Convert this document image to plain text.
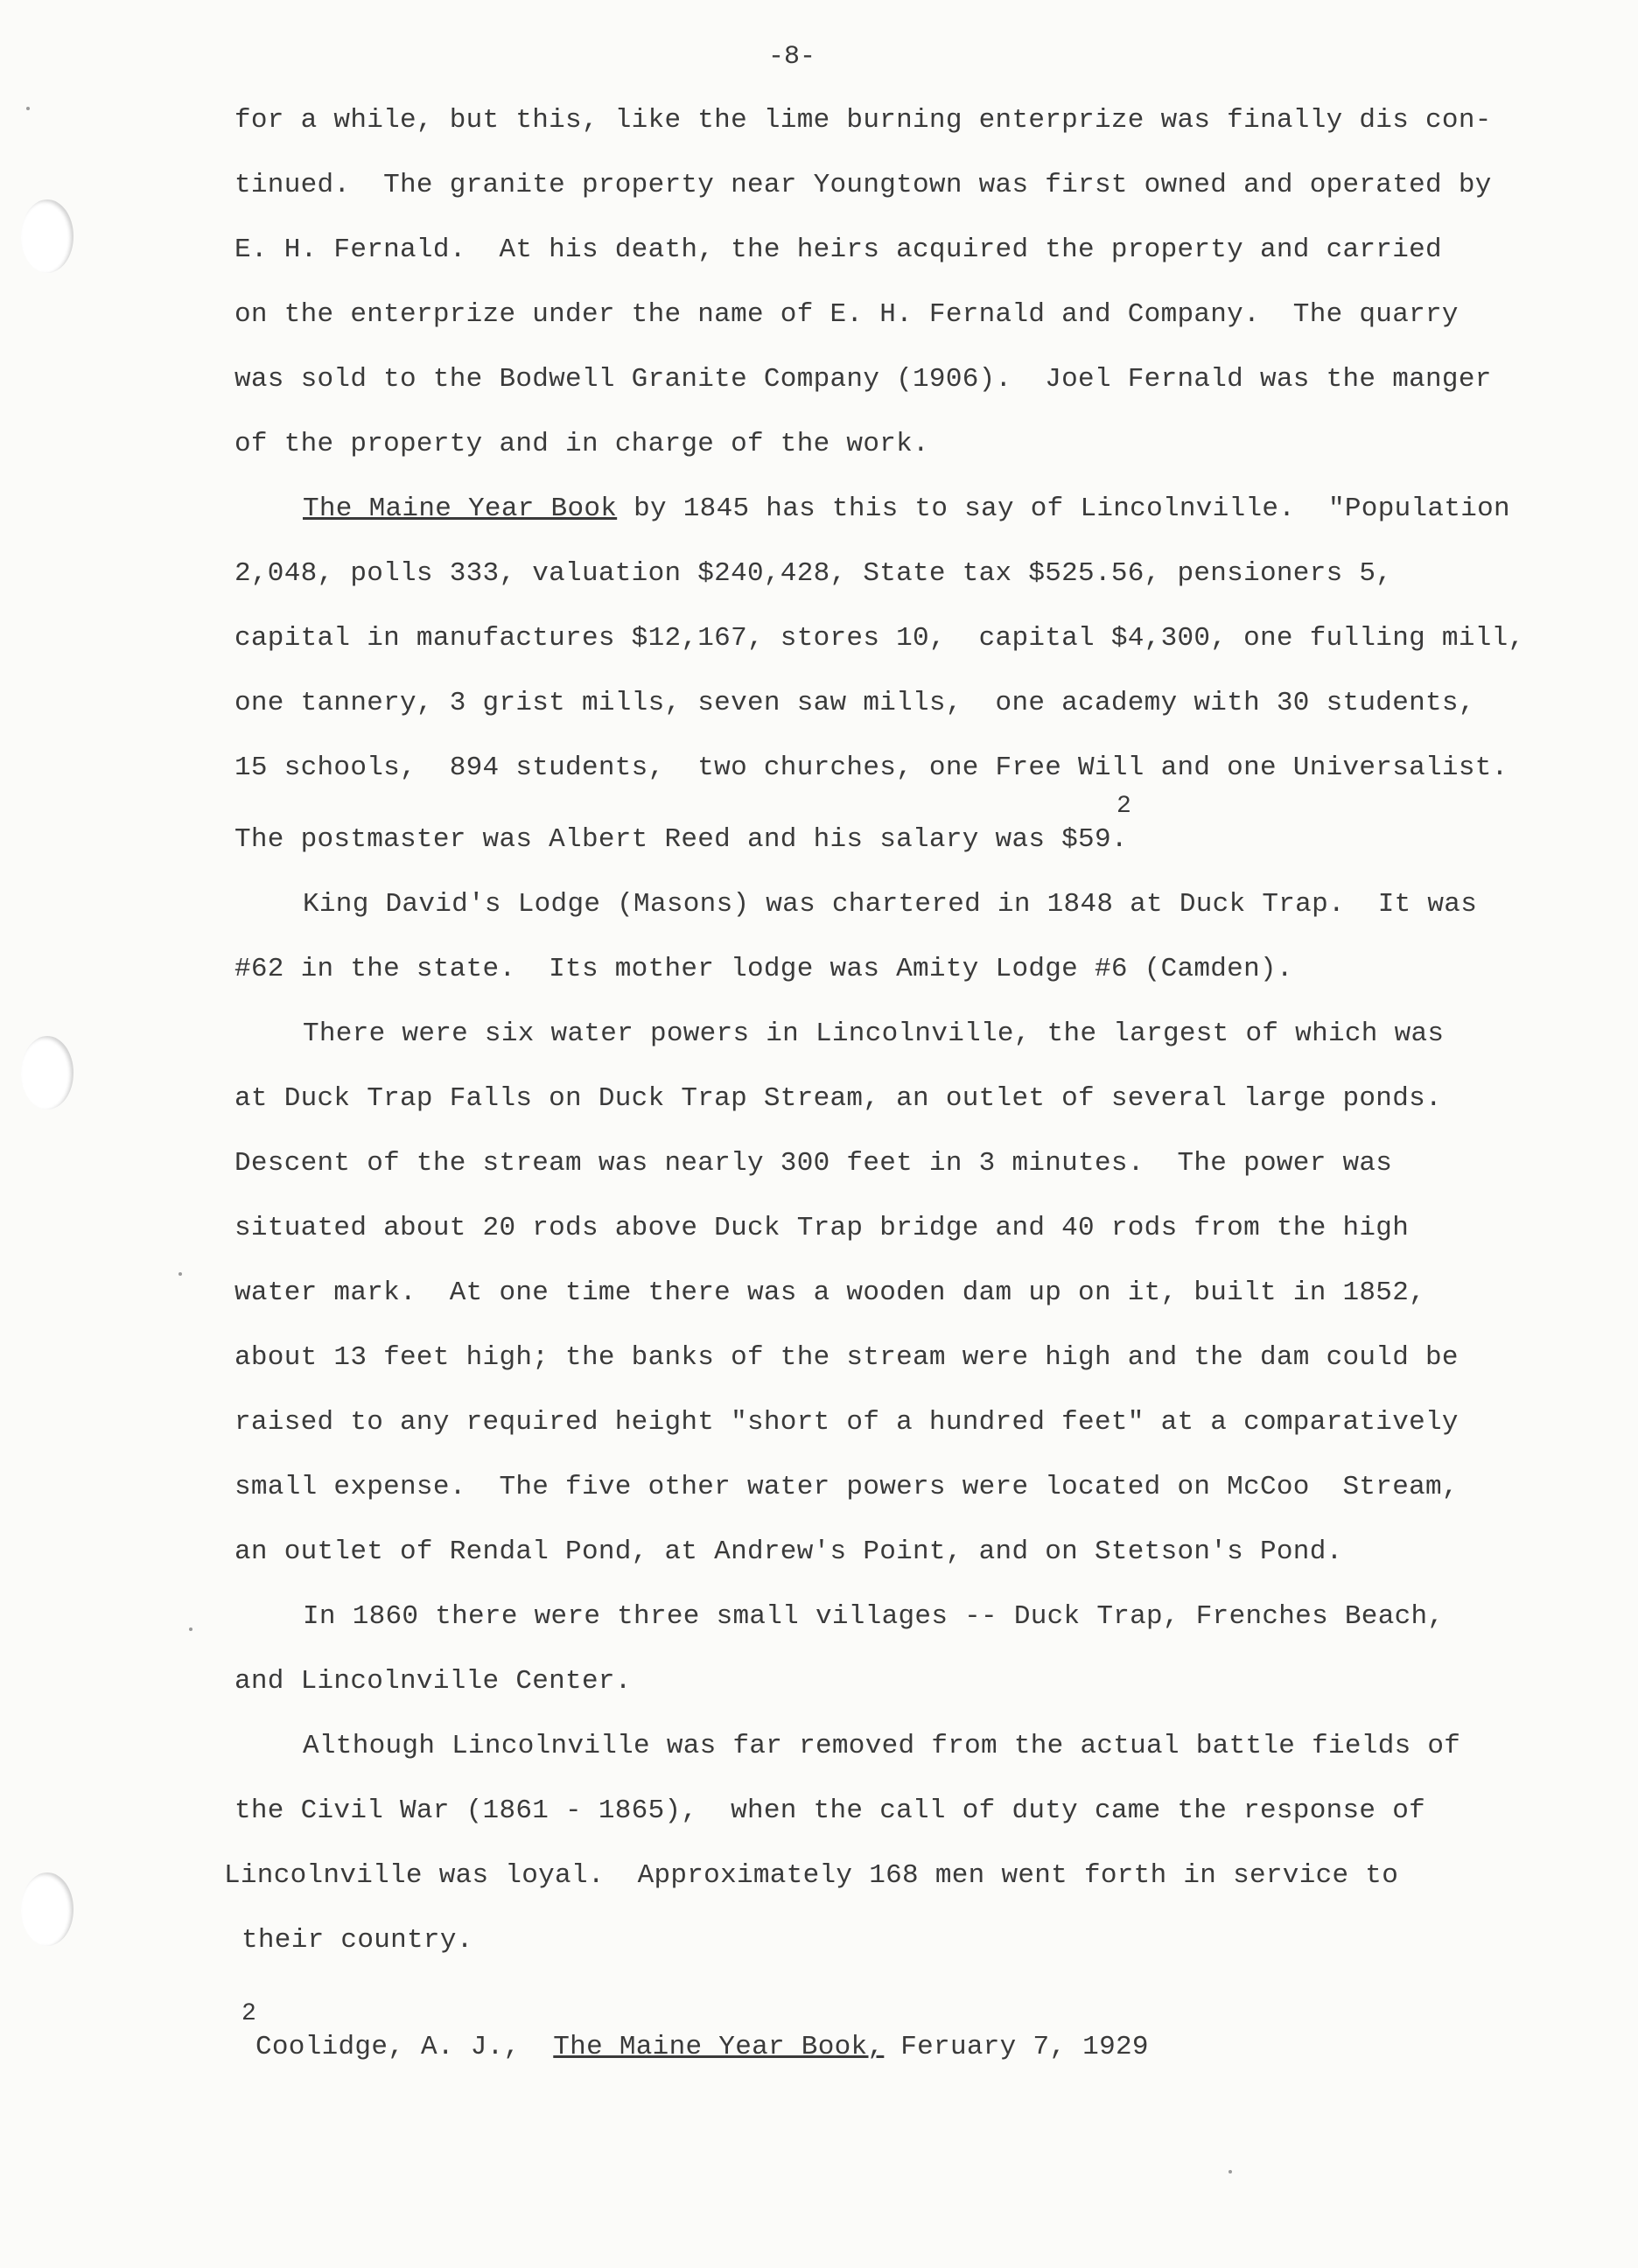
-8-

for a while, but this, like the lime burning enterprize was finally dis con-

tinued.  The granite property near Youngtown was first owned and operated by

E. H. Fernald.  At his death, the heirs acquired the property and carried

on the enterprize under the name of E. H. Fernald and Company.  The quarry

was sold to the Bodwell Granite Company (1906).  Joel Fernald was the manger

of the property and in charge of the work.

The Maine Year Book by 1845 has this to say of Lincolnville.  "Population

2,048, polls 333, valuation $240,428, State tax $525.56, pensioners 5,

capital in manufactures $12,167, stores 10,  capital $4,300, one fulling mill,

one tannery, 3 grist mills, seven saw mills,  one academy with 30 students,

15 schools,  894 students,  two churches, one Free Will and one Universalist.

2

The postmaster was Albert Reed and his salary was $59.

King David's Lodge (Masons) was chartered in 1848 at Duck Trap.  It was

#62 in the state.  Its mother lodge was Amity Lodge #6 (Camden).

There were six water powers in Lincolnville, the largest of which was

at Duck Trap Falls on Duck Trap Stream, an outlet of several large ponds.

Descent of the stream was nearly 300 feet in 3 minutes.  The power was

situated about 20 rods above Duck Trap bridge and 40 rods from the high

water mark.  At one time there was a wooden dam up on it, built in 1852,

about 13 feet high; the banks of the stream were high and the dam could be

raised to any required height "short of a hundred feet" at a comparatively

small expense.  The five other water powers were located on McCoo  Stream,

an outlet of Rendal Pond, at Andrew's Point, and on Stetson's Pond.

In 1860 there were three small villages -- Duck Trap, Frenches Beach,

and Lincolnville Center.

Although Lincolnville was far removed from the actual battle fields of

the Civil War (1861 - 1865),  when the call of duty came the response of

Lincolnville was loyal.  Approximately 168 men went forth in service to

their country.

2

Coolidge, A. J.,  The Maine Year Book, Feruary 7, 1929
